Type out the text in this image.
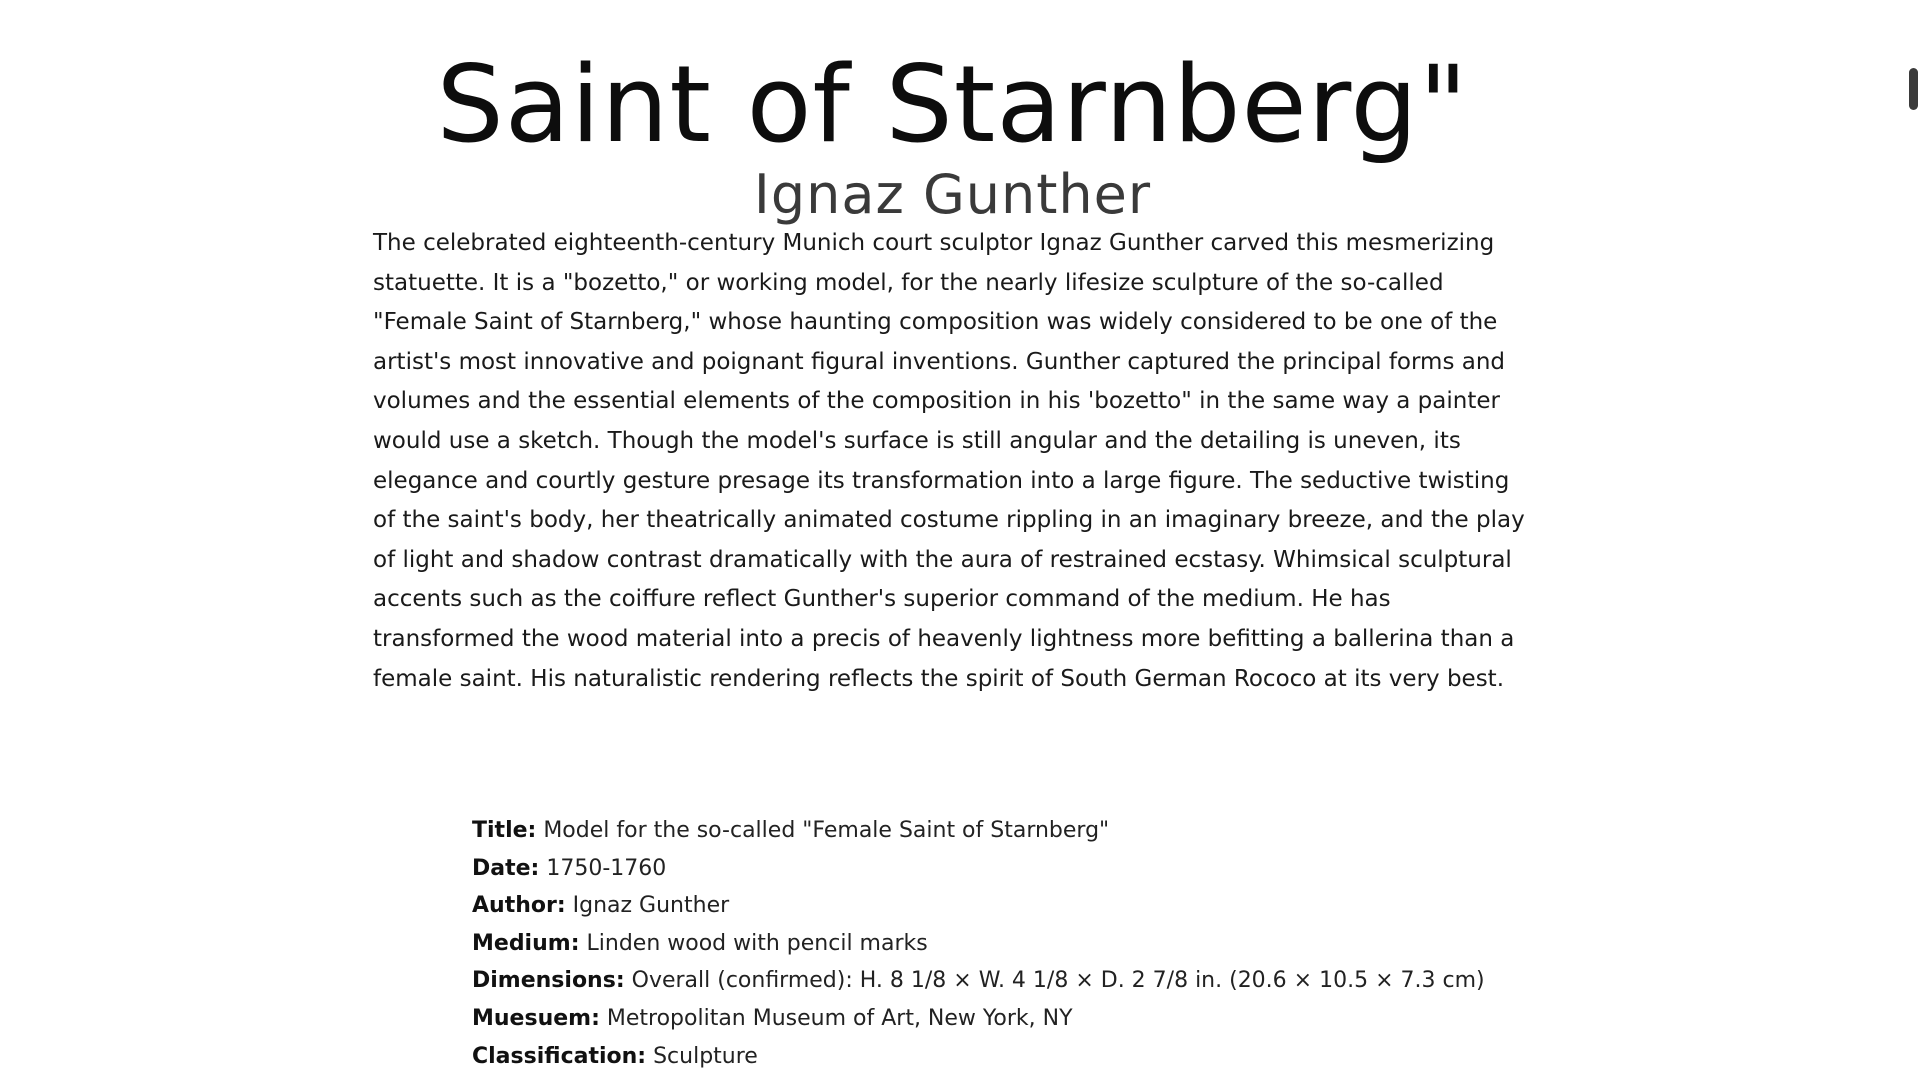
Saint of Starnberg"
Ignaz Gunther

The celebrated eighteenth-century Munich court sculptor Ignaz Gunther carved this mesmerizing statuette. It is a "bozetto," or working model, for the nearly lifesize sculpture of the so-called "Female Saint of Starnberg," whose haunting composition was widely considered to be one of the artist's most innovative and poignant figural inventions. Gunther captured the principal forms and volumes and the essential elements of the composition in his 'bozetto" in the same way a painter would use a sketch. Though the model's surface is still angular and the detailing is uneven, its elegance and courtly gesture presage its transformation into a large figure. The seductive twisting of the saint's body, her theatrically animated costume rippling in an imaginary breeze, and the play of light and shadow contrast dramatically with the aura of restrained ecstasy. Whimsical sculptural accents such as the coiffure reflect Gunther's superior command of the medium. He has transformed the wood material into a precis of heavenly lightness more befitting a ballerina than a female saint. His naturalistic rendering reflects the spirit of South German Rococo at its very best.

Title: Model for the so-called "Female Saint of Starnberg"
Date: 1750-1760
Author: Ignaz Gunther
Medium: Linden wood with pencil marks
Dimensions: Overall (confirmed): H. 8 1/8 × W. 4 1/8 × D. 2 7/8 in. (20.6 × 10.5 × 7.3 cm)
Muesuem: Metropolitan Museum of Art, New York, NY
Classification: Sculpture
